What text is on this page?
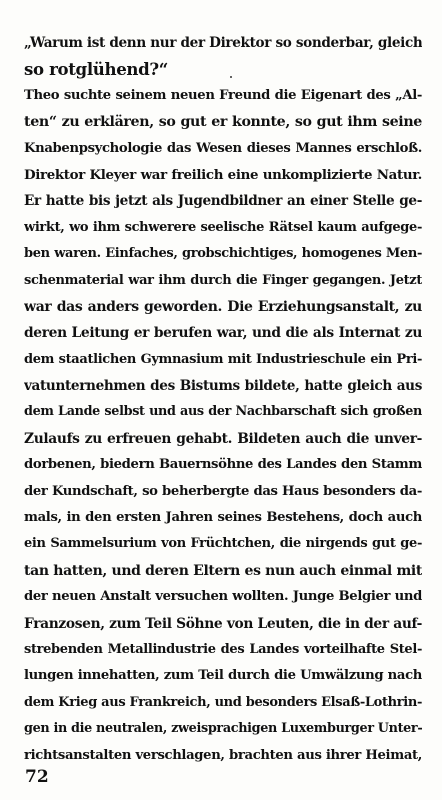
„Warum ist denn nur der Direktor so sonderbar, gleich
so rotglühend?“
Theo suchte seinem neuen Freund die Eigenart des „Al-
ten“ zu erklären, so gut er konnte, so gut ihm seine
Knabenpsychologie das Wesen dieses Mannes erschloß.
Direktor Kleyer war freilich eine unkomplizierte Natur.
Er hatte bis jetzt als Jugendbildner an einer Stelle ge-
wirkt, wo ihm schwerere seelische Rätsel kaum aufgege-
ben waren. Einfaches, grobschichtiges, homogenes Men-
schenmaterial war ihm durch die Finger gegangen. Jetzt
war das anders geworden. Die Erziehungsanstalt, zu
deren Leitung er berufen war, und die als Internat zu
dem staatlichen Gymnasium mit Industrieschule ein Pri-
vatunternehmen des Bistums bildete, hatte gleich aus
dem Lande selbst und aus der Nachbarschaft sich großen
Zulaufs zu erfreuen gehabt. Bildeten auch die unver-
dorbenen, biedern Bauernsöhne des Landes den Stamm
der Kundschaft, so beherbergte das Haus besonders da-
mals, in den ersten Jahren seines Bestehens, doch auch
ein Sammelsurium von Früchtchen, die nirgends gut ge-
tan hatten, und deren Eltern es nun auch einmal mit
der neuen Anstalt versuchen wollten. Junge Belgier und
Franzosen, zum Teil Söhne von Leuten, die in der auf-
strebenden Metallindustrie des Landes vorteilhafte Stel-
lungen innehatten, zum Teil durch die Umwälzung nach
dem Krieg aus Frankreich, und besonders Elsaß-Lothrin-
gen in die neutralen, zweisprachigen Luxemburger Unter-
richtsanstalten verschlagen, brachten aus ihrer Heimat,
72
